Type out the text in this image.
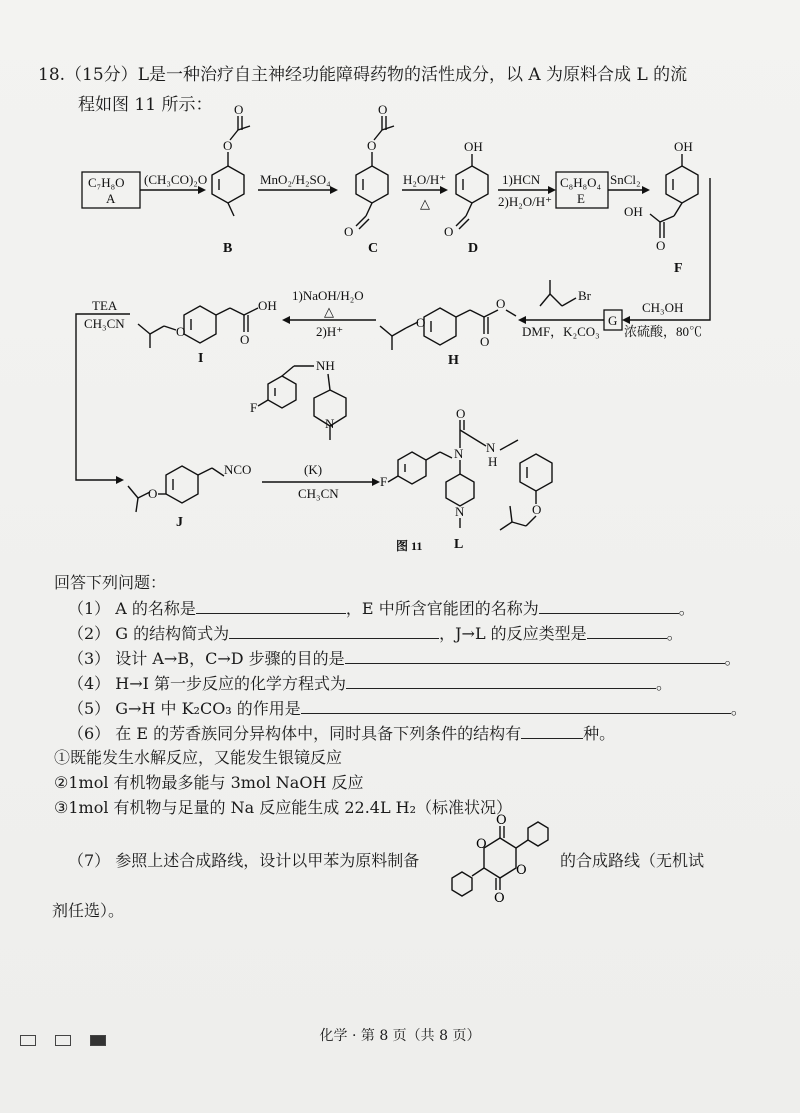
18.（15分）L是一种治疗自主神经功能障碍药物的活性成分，以 A 为原料合成 L 的流
程如图 11 所示：
C₇H₈O
A
(CH₃CO)₂O
O
O
B
MnO₂/H₂SO₄
O
O
O
C
H₂O/H⁺
△
OH
O
D
1)HCN
2)H₂O/H⁺
C₈H₈O₄
E
SnCl₂
OH
OH
O
F
CH₃OH
浓硫酸，80℃
G
DMF，K₂CO₃
Br
O
O
O
H
1)NaOH/H₂O
△
2)H⁺
O
OH
O
I
TEA
CH₃CN
F
NH
N
(K)
O
NCO
J
CH₃CN
F
N
O
N
H
O
N
L
图 11
回答下列问题：
（1） A 的名称是	，E 中所含官能团的名称为	。
（2） G 的结构简式为	，J→L 的反应类型是	。
（3） 设计 A→B，C→D 步骤的目的是	。
（4） H→I 第一步反应的化学方程式为	。
（5） G→H 中 K₂CO₃ 的作用是	。
（6） 在 E 的芳香族同分异构体中，同时具备下列条件的结构有	种。
①既能发生水解反应，又能发生银镜反应
②1mol 有机物最多能与 3mol NaOH 反应
③1mol 有机物与足量的 Na 反应能生成 22.4L H₂（标准状况）
（7） 参照上述合成路线，设计以甲苯为原料制备	的合成路线（无机试
剂任选）。
O
O
O
O
化学 · 第 8 页（共 8 页）
